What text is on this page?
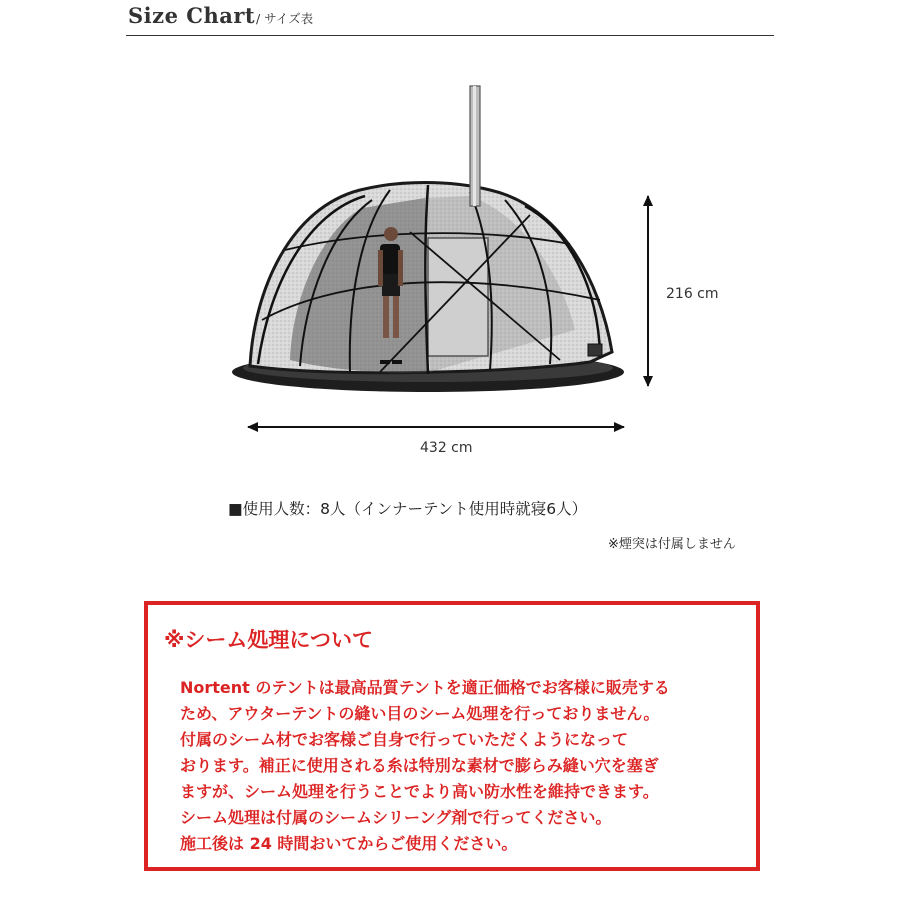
Size Chart / サイズ表
216 cm
432 cm
■使用人数：8人（インナーテント使用時就寝6人）
※煙突は付属しません
※シーム処理について
Nortent のテントは最高品質テントを適正価格でお客様に販売する
ため、アウターテントの縫い目のシーム処理を行っておりません。
付属のシーム材でお客様ご自身で行っていただくようになって
おります。補正に使用される糸は特別な素材で膨らみ縫い穴を塞ぎ
ますが、シーム処理を行うことでより高い防水性を維持できます。
シーム処理は付属のシームシリーング剤で行ってください。
施工後は 24 時間おいてからご使用ください。
